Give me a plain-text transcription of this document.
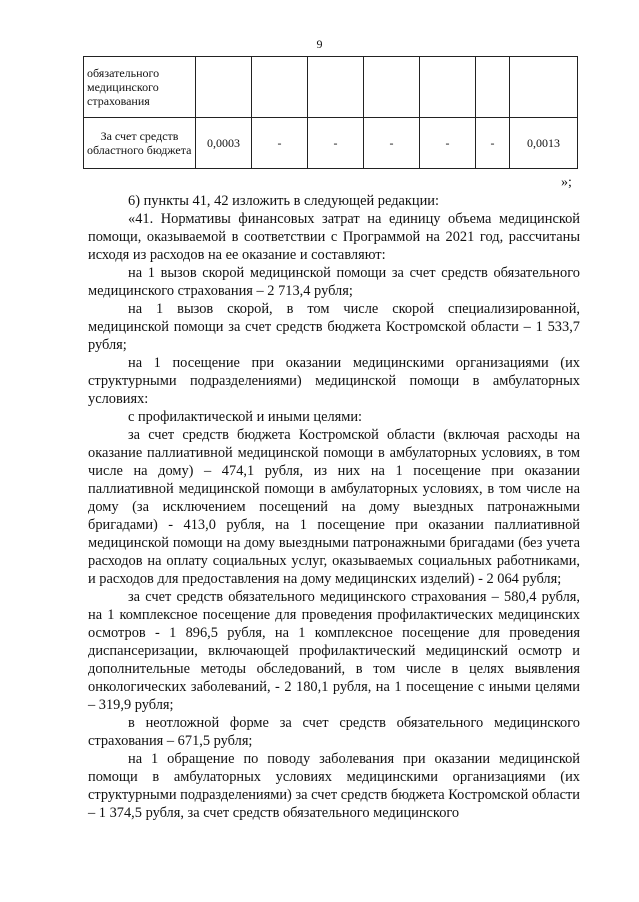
9
обязательного медицинского страхования							
За счет средств областного бюджета	0,0003	-	-	-	-	-	0,0013
»;

6) пункты 41, 42 изложить в следующей редакции:

«41. Нормативы финансовых затрат на единицу объема медицинской помощи, оказываемой в соответствии с Программой на 2021 год, рассчитаны исходя из расходов на ее оказание и составляют:

на 1 вызов скорой медицинской помощи за счет средств обязательного медицинского страхования – 2 713,4 рубля;

на 1 вызов скорой, в том числе скорой специализированной, медицинской помощи за счет средств бюджета Костромской области – 1 533,7 рубля;

на 1 посещение при оказании медицинскими организациями (их структурными подразделениями) медицинской помощи в амбулаторных условиях:

с профилактической и иными целями:

за счет средств бюджета Костромской области (включая расходы на оказание паллиативной медицинской помощи в амбулаторных условиях, в том числе на дому) – 474,1 рубля, из них на 1 посещение при оказании паллиативной медицинской помощи в амбулаторных условиях, в том числе на дому (за исключением посещений на дому выездных патронажными бригадами) - 413,0 рубля, на 1 посещение при оказании паллиативной медицинской помощи на дому выездными патронажными бригадами (без учета расходов на оплату социальных услуг, оказываемых социальных работниками, и расходов для предоставления на дому медицинских изделий) - 2 064 рубля;

за счет средств обязательного медицинского страхования – 580,4 рубля, на 1 комплексное посещение для проведения профилактических медицинских осмотров - 1 896,5 рубля, на 1 комплексное посещение для проведения диспансеризации, включающей профилактический медицинский осмотр и дополнительные методы обследований, в том числе в целях выявления онкологических заболеваний, - 2 180,1 рубля, на 1 посещение с иными целями – 319,9 рубля;

в неотложной форме за счет средств обязательного медицинского страхования – 671,5 рубля;

на 1 обращение по поводу заболевания при оказании медицинской помощи в амбулаторных условиях медицинскими организациями (их структурными подразделениями) за счет средств бюджета Костромской области – 1 374,5 рубля, за счет средств обязательного медицинского
